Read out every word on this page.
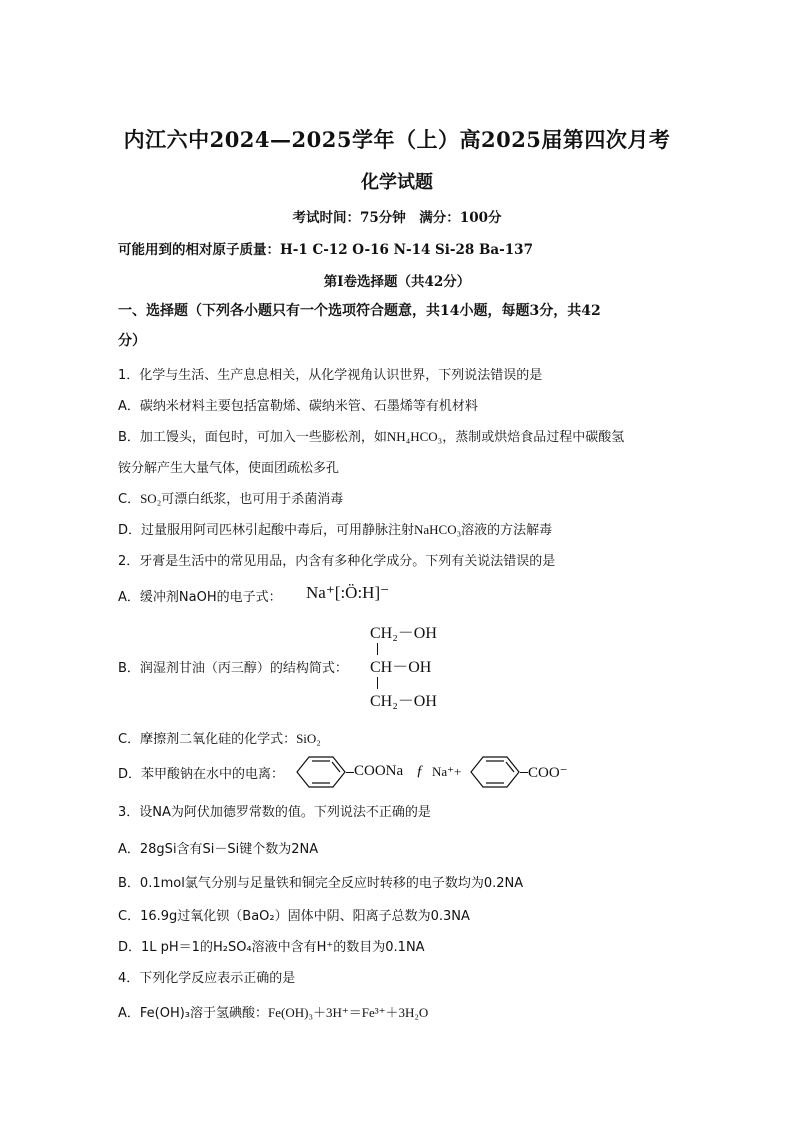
内江六中2024—2025学年（上）高2025届第四次月考
化学试题
考试时间：75分钟　满分：100分
可能用到的相对原子质量：H-1 C-12 O-16 N-14 Si-28 Ba-137
第Ⅰ卷选择题（共42分）
一、选择题（下列各小题只有一个选项符合题意，共14小题，每题3分，共42
分）
1．化学与生活、生产息息相关，从化学视角认识世界，下列说法错误的是
A．碳纳米材料主要包括富勒烯、碳纳米管、石墨烯等有机材料
B．加工馒头，面包时，可加入一些膨松剂，如NH₄HCO₃，蒸制或烘焙食品过程中碳酸氢
铵分解产生大量气体，使面团疏松多孔
C．SO₂可漂白纸浆，也可用于杀菌消毒
D．过量服用阿司匹林引起酸中毒后，可用静脉注射NaHCO₃溶液的方法解毒
2．牙膏是生活中的常见用品，内含有多种化学成分。下列有关说法错误的是
A．缓冲剂NaOH的电子式： Na⁺[:Ö:H]⁻
B．润湿剂甘油（丙三醇）的结构简式：
CH₂－OH
CH－OH
CH₂－OH
C．摩擦剂二氧化硅的化学式：SiO₂
D．苯甲酸钠在水中的电离：	COONa ƒ Na⁺+	COO⁻
3．设NA为阿伏加德罗常数的值。下列说法不正确的是
A．28gSi含有Si－Si键个数为2NA
B．0.1mol氯气分别与足量铁和铜完全反应时转移的电子数均为0.2NA
C．16.9g过氧化钡（BaO₂）固体中阴、阳离子总数为0.3NA
D．1L pH＝1的H₂SO₄溶液中含有H⁺的数目为0.1NA
4．下列化学反应表示正确的是
A．Fe(OH)₃溶于氢碘酸：Fe(OH)₃＋3H⁺＝Fe³⁺＋3H₂O
